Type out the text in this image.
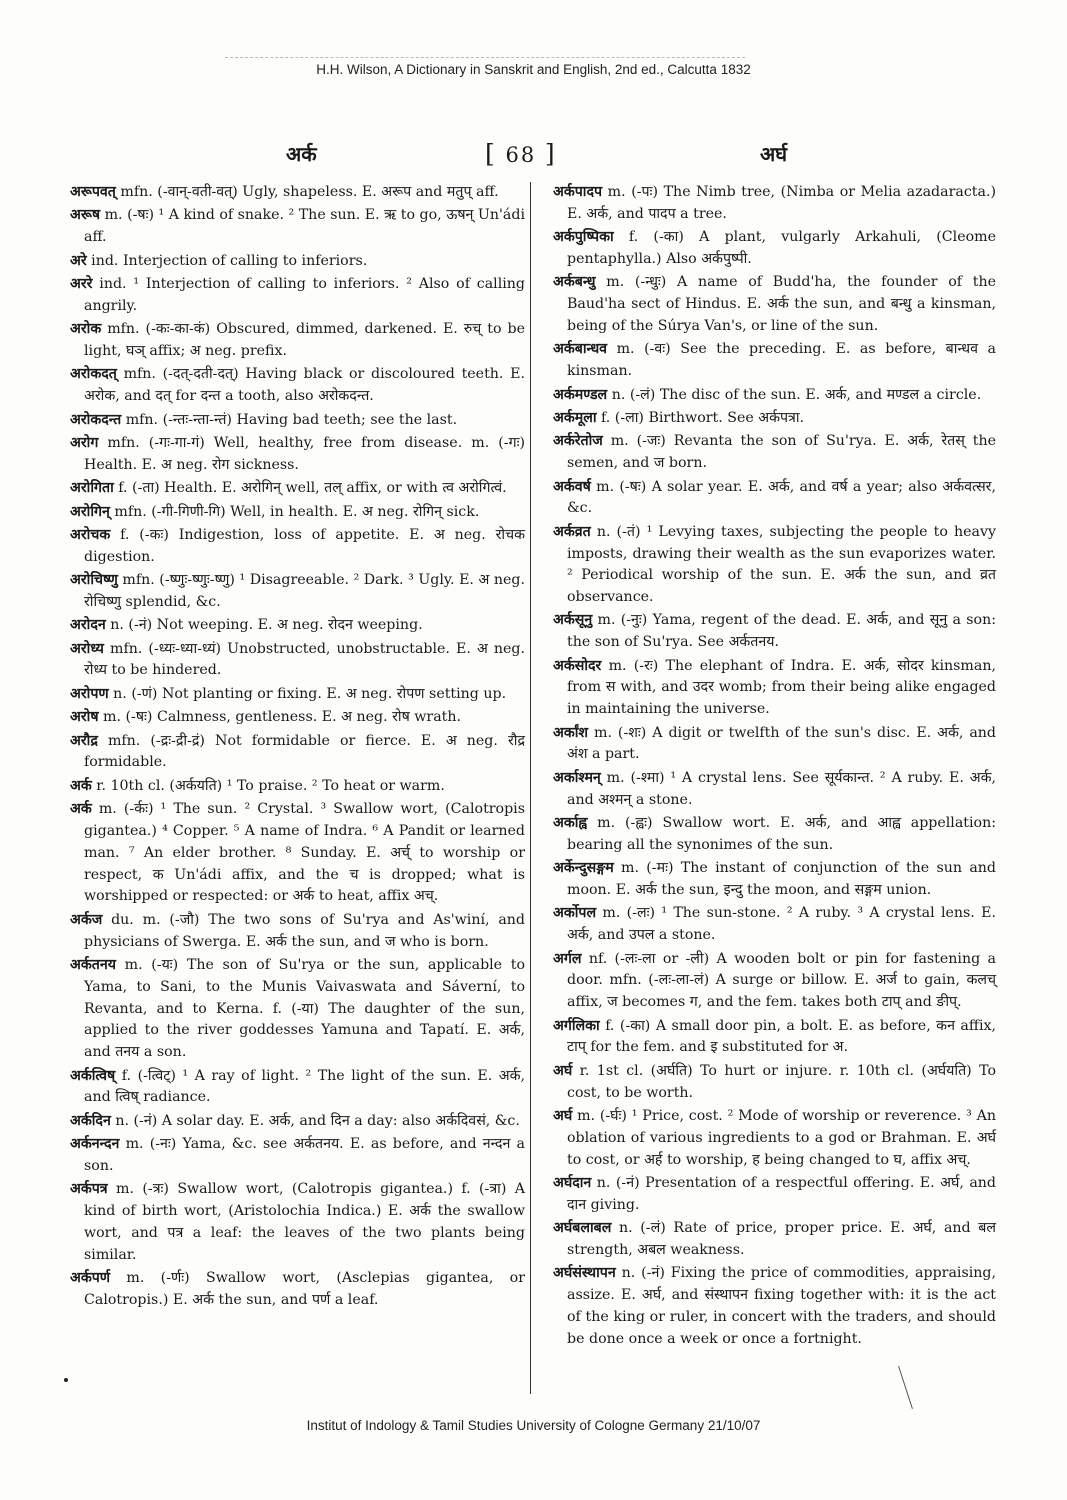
H.H. Wilson, A Dictionary in Sanskrit and English, 2nd ed., Calcutta 1832
अर्क	[ 68 ]	अर्घ

अरूपवत् mfn. (-वान्-वती-वत्) Ugly, shapeless. E. अरूप and मतुप् aff.

अरूष m. (-षः) ¹ A kind of snake. ² The sun. E. ऋ to go, ऊषन् Un'ádi aff.

अरे ind. Interjection of calling to inferiors.

अररे ind. ¹ Interjection of calling to inferiors. ² Also of calling angrily.

अरोक mfn. (-कः-का-कं) Obscured, dimmed, darkened. E. रुच् to be light, घञ् affix; अ neg. prefix.

अरोकदत् mfn. (-दत्-दती-दत्) Having black or discoloured teeth. E. अरोक, and दत् for दन्त a tooth, also अरोकदन्त.

अरोकदन्त mfn. (-न्तः-न्ता-न्तं) Having bad teeth; see the last.

अरोग mfn. (-गः-गा-गं) Well, healthy, free from disease. m. (-गः) Health. E. अ neg. रोग sickness.

अरोगिता f. (-ता) Health. E. अरोगिन् well, तल् affix, or with त्व अरोगित्वं.

अरोगिन् mfn. (-गी-गिणी-गि) Well, in health. E. अ neg. रोगिन् sick.

अरोचक f. (-कः) Indigestion, loss of appetite. E. अ neg. रोचक digestion.

अरोचिष्णु mfn. (-ष्णुः-ष्णुः-ष्णु) ¹ Disagreeable. ² Dark. ³ Ugly. E. अ neg. रोचिष्णु splendid, &c.

अरोदन n. (-नं) Not weeping. E. अ neg. रोदन weeping.

अरोध्य mfn. (-ध्यः-ध्या-ध्यं) Unobstructed, unobstructable. E. अ neg. रोध्य to be hindered.

अरोपण n. (-णं) Not planting or fixing. E. अ neg. रोपण setting up.

अरोष m. (-षः) Calmness, gentleness. E. अ neg. रोष wrath.

अरौद्र mfn. (-द्रः-द्री-द्रं) Not formidable or fierce. E. अ neg. रौद्र formidable.

अर्क r. 10th cl. (अर्कयति) ¹ To praise. ² To heat or warm.

अर्क m. (-र्कः) ¹ The sun. ² Crystal. ³ Swallow wort, (Calotropis gigantea.) ⁴ Copper. ⁵ A name of Indra. ⁶ A Pandit or learned man. ⁷ An elder brother. ⁸ Sunday. E. अर्च् to worship or respect, क Un'ádi affix, and the च is dropped; what is worshipped or respected: or अर्क to heat, affix अच्.

अर्कज du. m. (-जौ) The two sons of Su'rya and As'winí, and physicians of Swerga. E. अर्क the sun, and ज who is born.

अर्कतनय m. (-यः) The son of Su'rya or the sun, applicable to Yama, to Sani, to the Munis Vaivaswata and Sáverní, to Revanta, and to Kerna. f. (-या) The daughter of the sun, applied to the river goddesses Yamuna and Tapatí. E. अर्क, and तनय a son.

अर्कत्विष् f. (-त्विट्) ¹ A ray of light. ² The light of the sun. E. अर्क, and त्विष् radiance.

अर्कदिन n. (-नं) A solar day. E. अर्क, and दिन a day: also अर्कदिवसं, &c.

अर्कनन्दन m. (-नः) Yama, &c. see अर्कतनय. E. as before, and नन्दन a son.

अर्कपत्र m. (-त्रः) Swallow wort, (Calotropis gigantea.) f. (-त्रा) A kind of birth wort, (Aristolochia Indica.) E. अर्क the swallow wort, and पत्र a leaf: the leaves of the two plants being similar.

अर्कपर्ण m. (-र्णः) Swallow wort, (Asclepias gigantea, or Calotropis.) E. अर्क the sun, and पर्ण a leaf.

अर्कपादप m. (-पः) The Nimb tree, (Nimba or Melia azadaracta.) E. अर्क, and पादप a tree.

अर्कपुष्पिका f. (-का) A plant, vulgarly Arkahuli, (Cleome pentaphylla.) Also अर्कपुष्पी.

अर्कबन्धु m. (-न्धुः) A name of Budd'ha, the founder of the Baud'ha sect of Hindus. E. अर्क the sun, and बन्धु a kinsman, being of the Súrya Van's, or line of the sun.

अर्कबान्धव m. (-वः) See the preceding. E. as before, बान्धव a kinsman.

अर्कमण्डल n. (-लं) The disc of the sun. E. अर्क, and मण्डल a circle.

अर्कमूला f. (-ला) Birthwort. See अर्कपत्रा.

अर्करेतोज m. (-जः) Revanta the son of Su'rya. E. अर्क, रेतस् the semen, and ज born.

अर्कवर्ष m. (-षः) A solar year. E. अर्क, and वर्ष a year; also अर्कवत्सर, &c.

अर्कव्रत n. (-तं) ¹ Levying taxes, subjecting the people to heavy imposts, drawing their wealth as the sun evaporizes water. ² Periodical worship of the sun. E. अर्क the sun, and व्रत observance.

अर्कसूनु m. (-नुः) Yama, regent of the dead. E. अर्क, and सूनु a son: the son of Su'rya. See अर्कतनय.

अर्कसोदर m. (-रः) The elephant of Indra. E. अर्क, सोदर kinsman, from स with, and उदर womb; from their being alike engaged in maintaining the universe.

अर्कांश m. (-शः) A digit or twelfth of the sun's disc. E. अर्क, and अंश a part.

अर्काश्मन् m. (-श्मा) ¹ A crystal lens. See सूर्यकान्त. ² A ruby. E. अर्क, and अश्मन् a stone.

अर्काह्व m. (-ह्वः) Swallow wort. E. अर्क, and आह्व appellation: bearing all the synonimes of the sun.

अर्केन्दुसङ्गम m. (-मः) The instant of conjunction of the sun and moon. E. अर्क the sun, इन्दु the moon, and सङ्गम union.

अर्कोपल m. (-लः) ¹ The sun-stone. ² A ruby. ³ A crystal lens. E. अर्क, and उपल a stone.

अर्गल nf. (-लः-ला or -ली) A wooden bolt or pin for fastening a door. mfn. (-लः-ला-लं) A surge or billow. E. अर्ज to gain, कलच् affix, ज becomes ग, and the fem. takes both टाप् and ङीप्.

अर्गलिका f. (-का) A small door pin, a bolt. E. as before, कन affix, टाप् for the fem. and इ substituted for अ.

अर्घ r. 1st cl. (अर्घति) To hurt or injure. r. 10th cl. (अर्घयति) To cost, to be worth.

अर्घ m. (-र्घः) ¹ Price, cost. ² Mode of worship or reverence. ³ An oblation of various ingredients to a god or Brahman. E. अर्घ to cost, or अर्ह to worship, ह being changed to घ, affix अच्.

अर्घदान n. (-नं) Presentation of a respectful offering. E. अर्घ, and दान giving.

अर्घबलाबल n. (-लं) Rate of price, proper price. E. अर्घ, and बल strength, अबल weakness.

अर्घसंस्थापन n. (-नं) Fixing the price of commodities, appraising, assize. E. अर्घ, and संस्थापन fixing together with: it is the act of the king or ruler, in concert with the traders, and should be done once a week or once a fortnight.

Institut of Indology & Tamil Studies University of Cologne Germany 21/10/07
